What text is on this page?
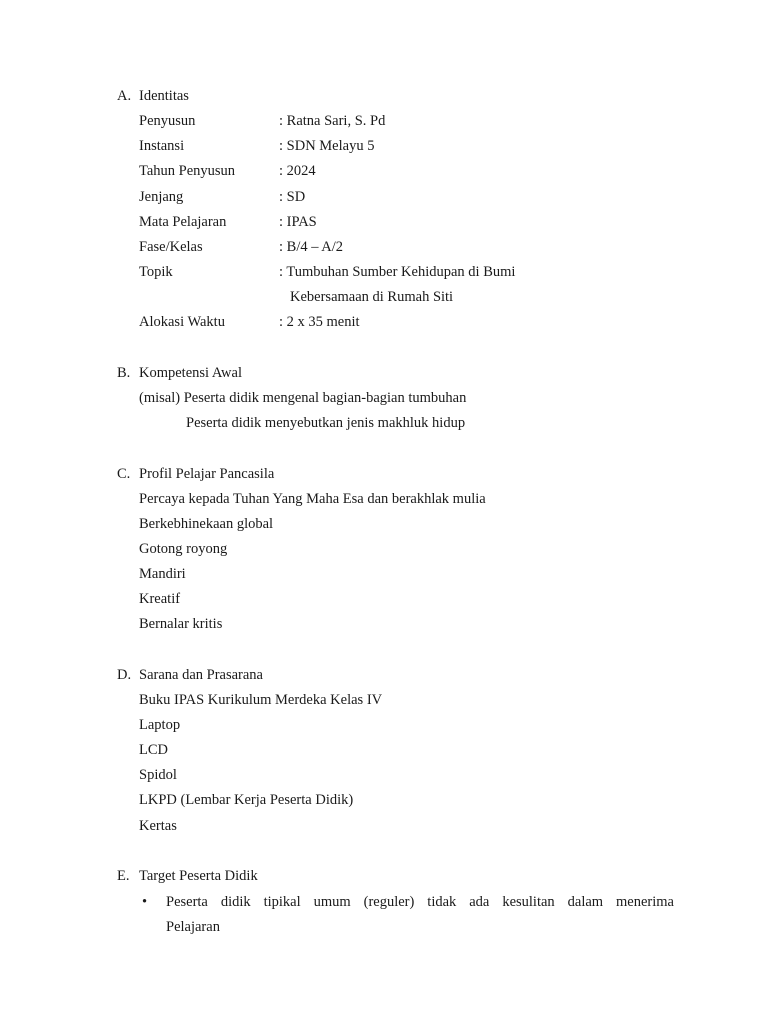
A. Identitas
Penyusun	: Ratna Sari, S. Pd
Instansi	: SDN Melayu 5
Tahun Penyusun	: 2024
Jenjang	: SD
Mata Pelajaran	: IPAS
Fase/Kelas	: B/4 – A/2
Topik	: Tumbuhan Sumber Kehidupan di Bumi
Kebersamaan di Rumah Siti
Alokasi Waktu	: 2 x 35 menit
B. Kompetensi Awal
(misal) Peserta didik mengenal bagian-bagian tumbuhan
Peserta didik menyebutkan jenis makhluk hidup
C. Profil Pelajar Pancasila
Percaya kepada Tuhan Yang Maha Esa dan berakhlak mulia
Berkebhinekaan global
Gotong royong
Mandiri
Kreatif
Bernalar kritis
D. Sarana dan Prasarana
Buku IPAS Kurikulum Merdeka Kelas IV
Laptop
LCD
Spidol
LKPD (Lembar Kerja Peserta Didik)
Kertas
E. Target Peserta Didik
• Peserta didik tipikal umum (reguler) tidak ada kesulitan dalam menerima
Pelajaran
